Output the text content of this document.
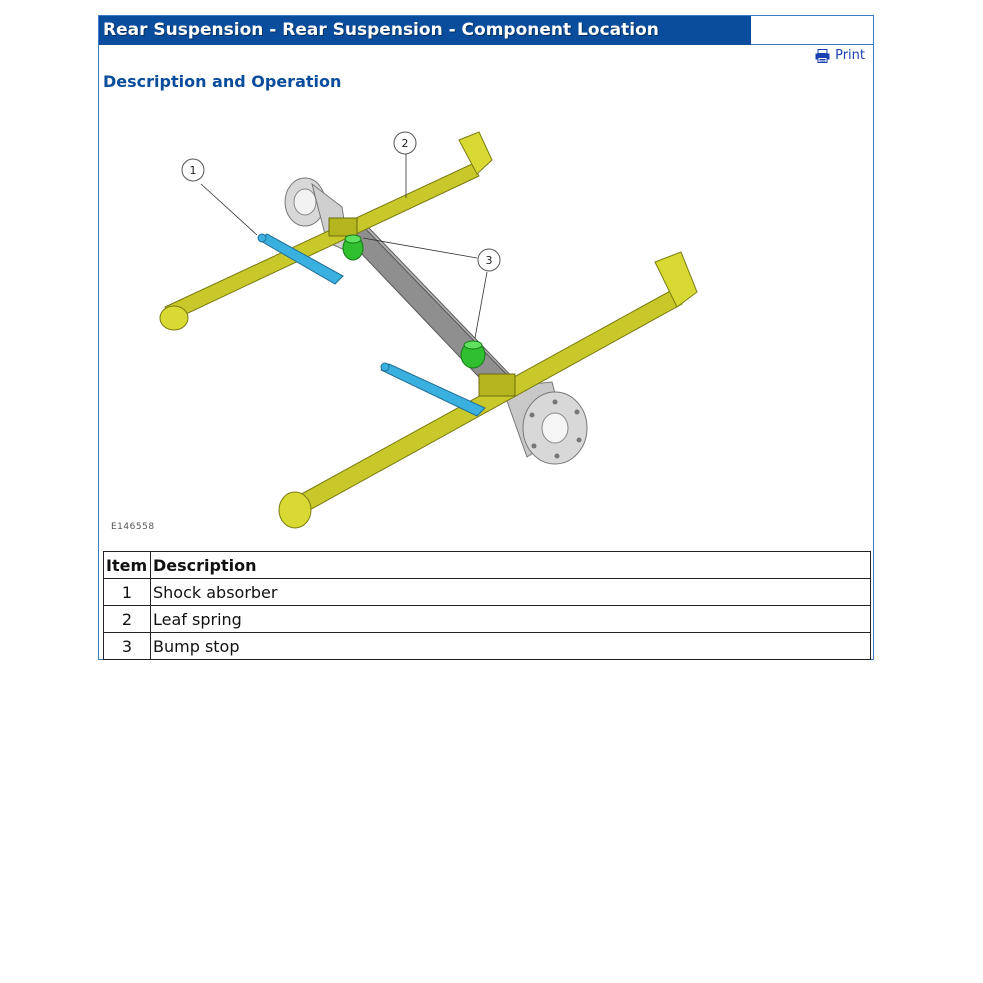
Rear Suspension - Rear Suspension - Component Location
Print
Description and Operation
1
2
3
E146558
Item	Description
1	Shock absorber
2	Leaf spring
3	Bump stop
